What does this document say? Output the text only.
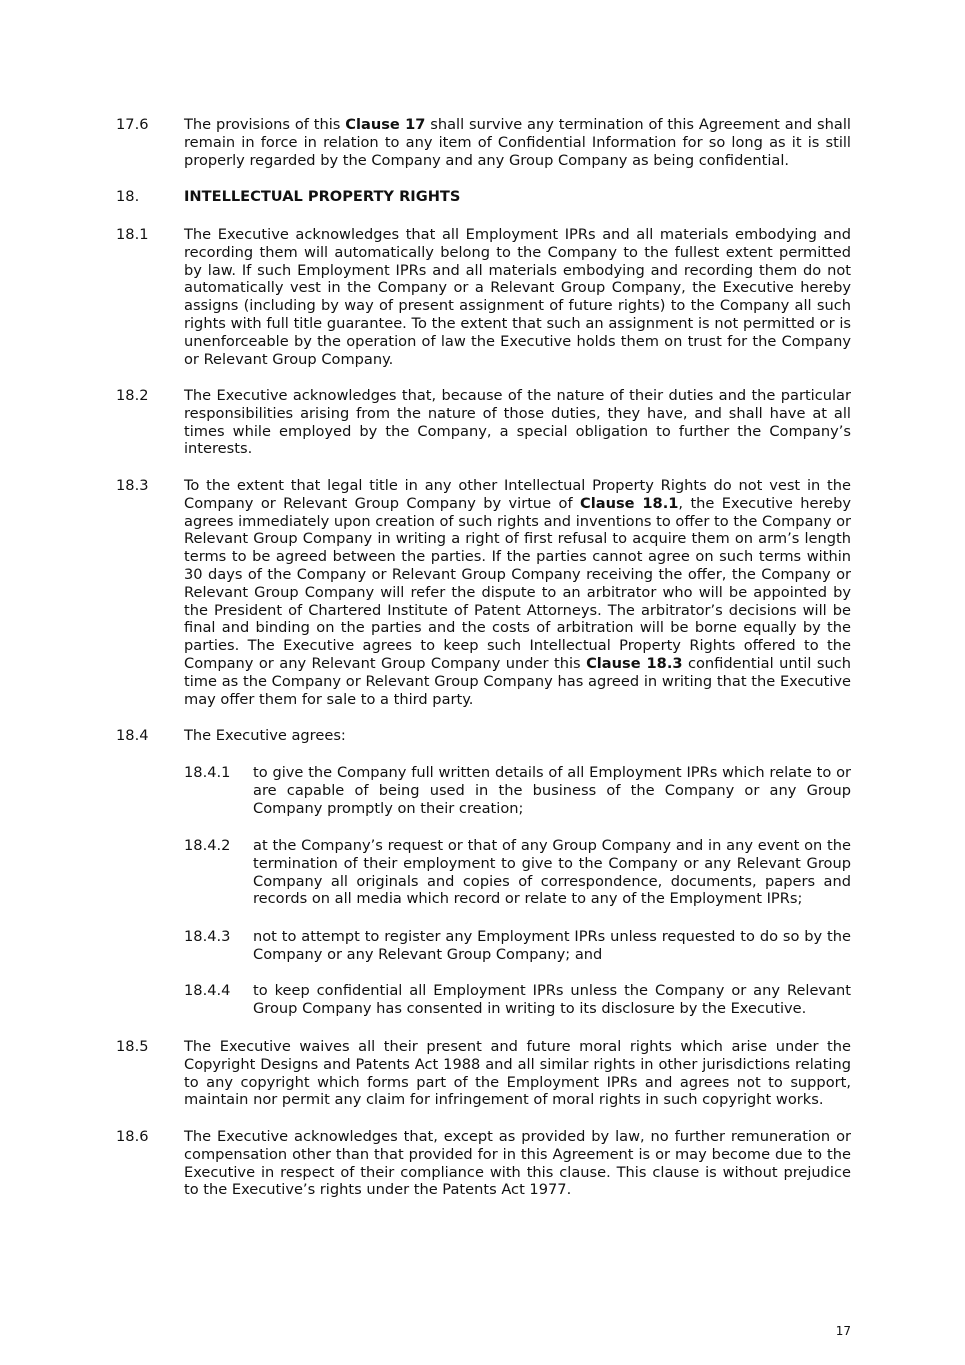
17.6	The provisions of this Clause 17 shall survive any termination of this Agreement and shall remain in force in relation to any item of Confidential Information for so long as it is still properly regarded by the Company and any Group Company as being confidential.
18.	INTELLECTUAL PROPERTY RIGHTS
18.1	The Executive acknowledges that all Employment IPRs and all materials embodying and recording them will automatically belong to the Company to the fullest extent permitted by law. If such Employment IPRs and all materials embodying and recording them do not automatically vest in the Company or a Relevant Group Company, the Executive hereby assigns (including by way of present assignment of future rights) to the Company all such rights with full title guarantee. To the extent that such an assignment is not permitted or is unenforceable by the operation of law the Executive holds them on trust for the Company or Relevant Group Company.
18.2	The Executive acknowledges that, because of the nature of their duties and the particular responsibilities arising from the nature of those duties, they have, and shall have at all times while employed by the Company, a special obligation to further the Company’s interests.
18.3	To the extent that legal title in any other Intellectual Property Rights do not vest in the Company or Relevant Group Company by virtue of Clause 18.1, the Executive hereby agrees immediately upon creation of such rights and inventions to offer to the Company or Relevant Group Company in writing a right of first refusal to acquire them on arm’s length terms to be agreed between the parties. If the parties cannot agree on such terms within 30 days of the Company or Relevant Group Company receiving the offer, the Company or Relevant Group Company will refer the dispute to an arbitrator who will be appointed by the President of Chartered Institute of Patent Attorneys. The arbitrator’s decisions will be final and binding on the parties and the costs of arbitration will be borne equally by the parties. The Executive agrees to keep such Intellectual Property Rights offered to the Company or any Relevant Group Company under this Clause 18.3 confidential until such time as the Company or Relevant Group Company has agreed in writing that the Executive may offer them for sale to a third party.
18.4	The Executive agrees:
18.4.1	to give the Company full written details of all Employment IPRs which relate to or are capable of being used in the business of the Company or any Group Company promptly on their creation;
18.4.2	at the Company’s request or that of any Group Company and in any event on the termination of their employment to give to the Company or any Relevant Group Company all originals and copies of correspondence, documents, papers and records on all media which record or relate to any of the Employment IPRs;
18.4.3	not to attempt to register any Employment IPRs unless requested to do so by the Company or any Relevant Group Company; and
18.4.4	to keep confidential all Employment IPRs unless the Company or any Relevant Group Company has consented in writing to its disclosure by the Executive.
18.5	The Executive waives all their present and future moral rights which arise under the Copyright Designs and Patents Act 1988 and all similar rights in other jurisdictions relating to any copyright which forms part of the Employment IPRs and agrees not to support, maintain nor permit any claim for infringement of moral rights in such copyright works.
18.6	The Executive acknowledges that, except as provided by law, no further remuneration or compensation other than that provided for in this Agreement is or may become due to the Executive in respect of their compliance with this clause. This clause is without prejudice to the Executive’s rights under the Patents Act 1977.
17
